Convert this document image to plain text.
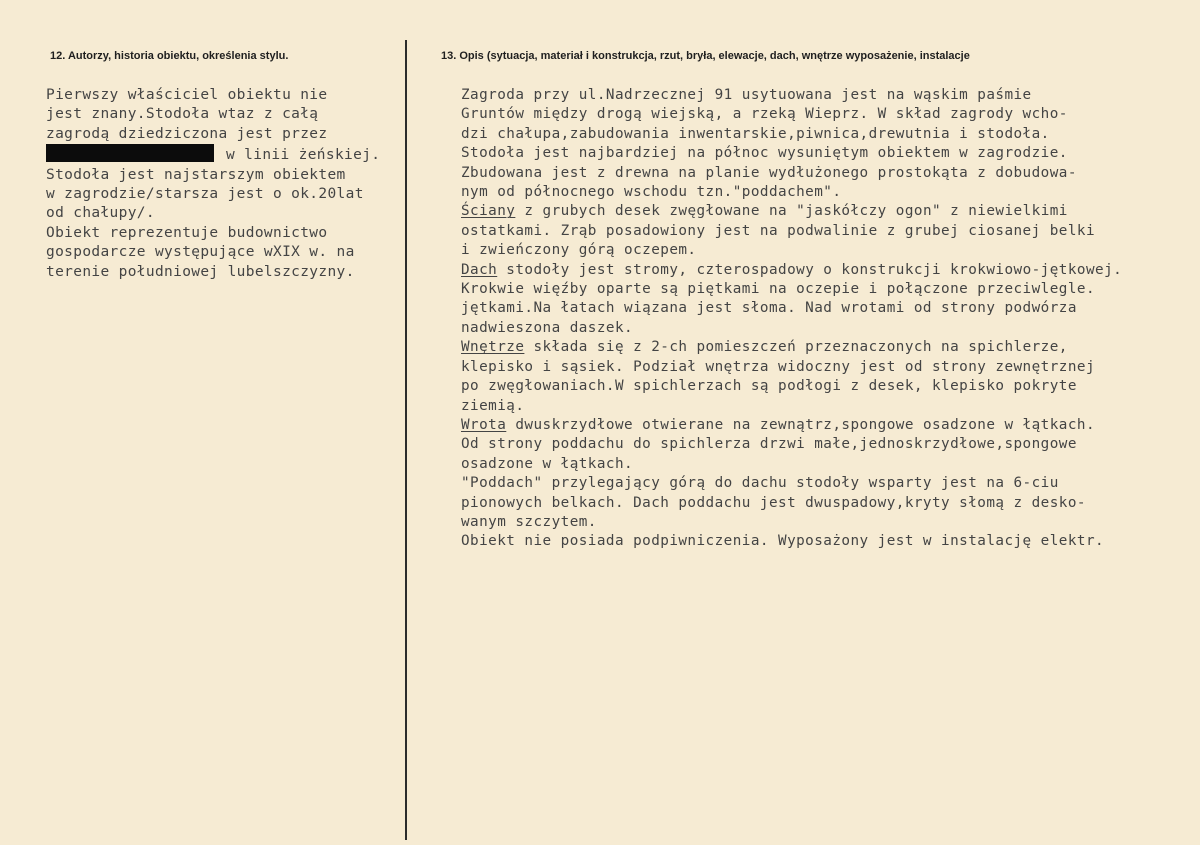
12. Autorzy, historia obiektu, określenia stylu.	13. Opis (sytuacja, materiał i konstrukcja, rzut, bryła, elewacje, dach, wnętrze wyposażenie, instalacje
Pierwszy właściciel obiektu nie
jest znany.Stodoła wtaz z całą
zagrodą dziedziczona jest przez
w linii żeńskiej.
Stodoła jest najstarszym obiektem
w zagrodzie/starsza jest o ok.20lat
od chałupy/.
Obiekt reprezentuje budownictwo
gospodarcze występujące wXIX w. na
terenie południowej lubelszczyzny.
Zagroda przy ul.Nadrzecznej 91 usytuowana jest na wąskim paśmie
Gruntów między drogą wiejską, a rzeką Wieprz. W skład zagrody wcho-
dzi chałupa,zabudowania inwentarskie,piwnica,drewutnia i stodoła.
Stodoła jest najbardziej na północ wysuniętym obiektem w zagrodzie.
Zbudowana jest z drewna na planie wydłużonego prostokąta z dobudowa-
nym od północnego wschodu tzn."poddachem".
Ściany z grubych desek zwęgłowane na "jaskółczy ogon" z niewielkimi
ostatkami. Zrąb posadowiony jest na podwalinie z grubej ciosanej belki
i zwieńczony górą oczepem.
Dach stodoły jest stromy, czterospadowy o konstrukcji krokwiowo-jętkowej.
Krokwie więźby oparte są piętkami na oczepie i połączone przeciwlegle.
jętkami.Na łatach wiązana jest słoma. Nad wrotami od strony podwórza
nadwieszona daszek.
Wnętrze składa się z 2-ch pomieszczeń przeznaczonych na spichlerze,
klepisko i sąsiek. Podział wnętrza widoczny jest od strony zewnętrznej
po zwęgłowaniach.W spichlerzach są podłogi z desek, klepisko pokryte
ziemią.
Wrota dwuskrzydłowe otwierane na zewnątrz,spongowe osadzone w łątkach.
Od strony poddachu do spichlerza drzwi małe,jednoskrzydłowe,spongowe
osadzone w łątkach.
"Poddach" przylegający górą do dachu stodoły wsparty jest na 6-ciu
pionowych belkach. Dach poddachu jest dwuspadowy,kryty słomą z desko-
wanym szczytem.
Obiekt nie posiada podpiwniczenia. Wyposażony jest w instalację elektr.
